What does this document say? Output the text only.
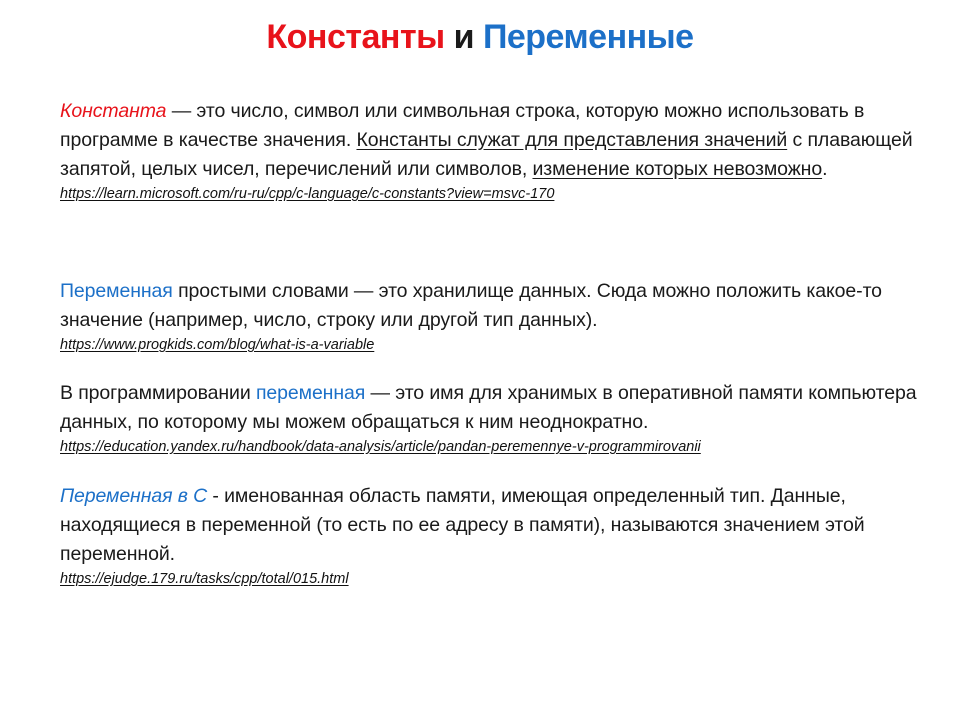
Константы и Переменные
Константа — это число, символ или символьная строка, которую можно использовать в программе в качестве значения. Константы служат для представления значений с плавающей запятой, целых чисел, перечислений или символов, изменение которых невозможно.
https://learn.microsoft.com/ru-ru/cpp/c-language/c-constants?view=msvc-170
Переменная простыми словами — это хранилище данных. Сюда можно положить какое-то значение (например, число, строку или другой тип данных).
https://www.progkids.com/blog/what-is-a-variable
В программировании переменная — это имя для хранимых в оперативной памяти компьютера данных, по которому мы можем обращаться к ним неоднократно.
https://education.yandex.ru/handbook/data-analysis/article/pandan-peremennye-v-programmirovanii
Переменная в С - именованная область памяти, имеющая определенный тип. Данные, находящиеся в переменной (то есть по ее адресу в памяти), называются значением этой переменной.
https://ejudge.179.ru/tasks/cpp/total/015.html
